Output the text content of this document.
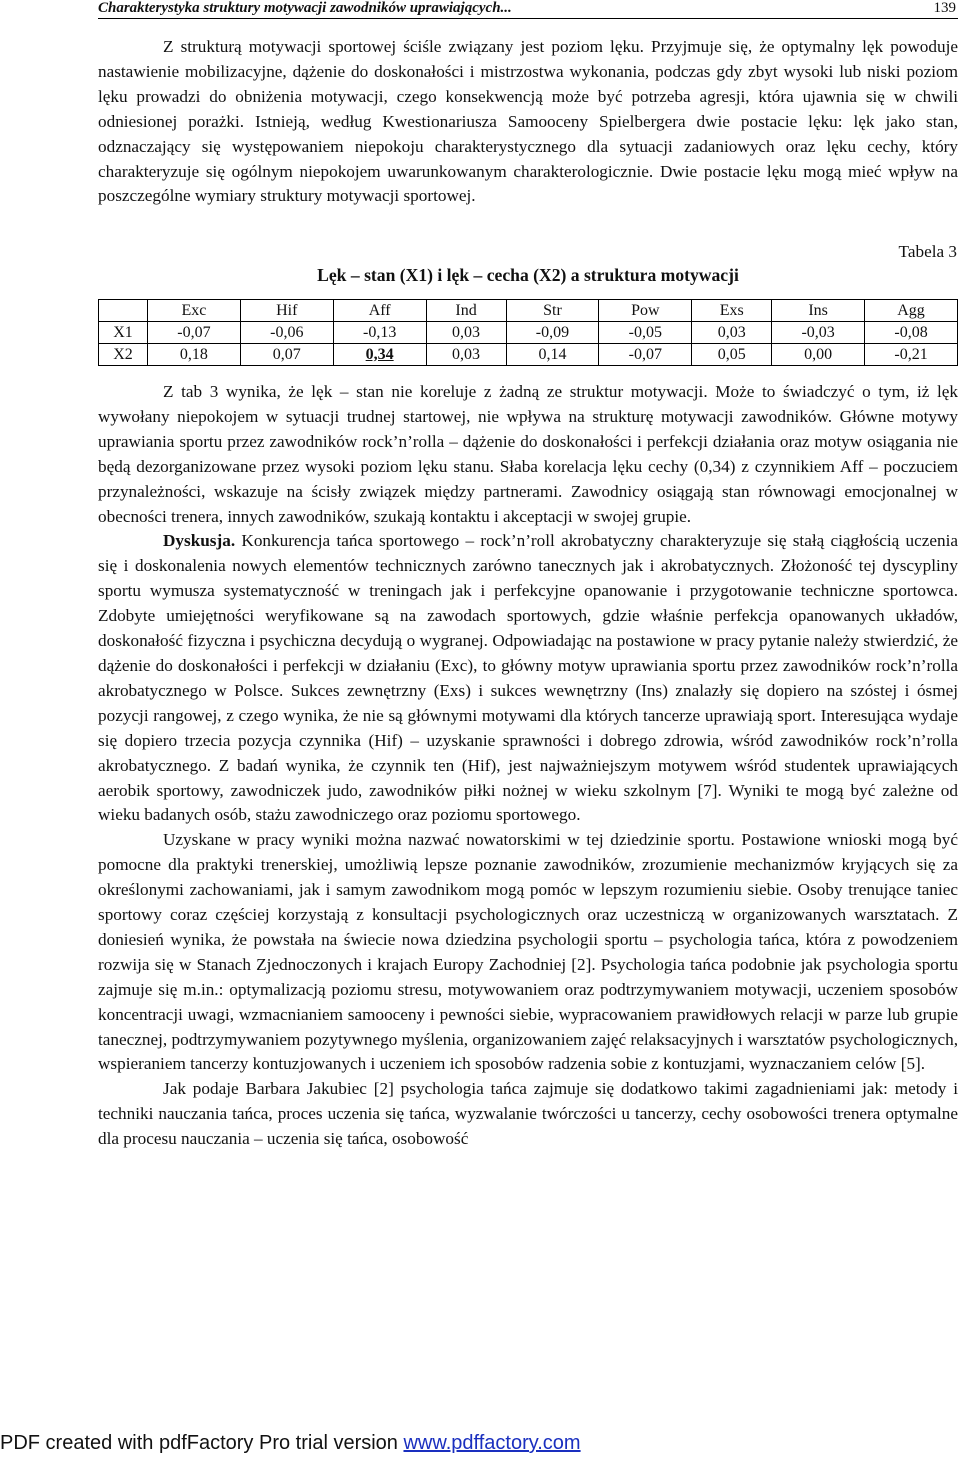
Charakterystyka struktury motywacji zawodników uprawiających...	139

Z strukturą motywacji sportowej ściśle związany jest poziom lęku. Przyjmuje się, że optymalny lęk powoduje nastawienie mobilizacyjne, dążenie do doskonałości i mistrzostwa wykonania, podczas gdy zbyt wysoki lub niski poziom lęku prowadzi do obniżenia motywacji, czego konsekwencją może być potrzeba agresji, która ujawnia się w chwili odniesionej porażki. Istnieją, według Kwestionariusza Samooceny Spielbergera dwie postacie lęku: lęk jako stan, odznaczający się występowaniem niepokoju charakterystycznego dla sytuacji zadaniowych oraz lęku cechy, który charakteryzuje się ogólnym niepokojem uwarunkowanym charakterologicznie. Dwie postacie lęku mogą mieć wpływ na poszczególne wymiary struktury motywacji sportowej.

Tabela 3
Lęk – stan (X1) i lęk – cecha (X2) a struktura motywacji
	Exc	Hif	Aff	Ind	Str	Pow	Exs	Ins	Agg
X1	-0,07	-0,06	-0,13	0,03	-0,09	-0,05	0,03	-0,03	-0,08
X2	0,18	0,07	0,34	0,03	0,14	-0,07	0,05	0,00	-0,21

Z tab 3 wynika, że lęk – stan nie koreluje z żadną ze struktur motywacji. Może to świadczyć o tym, iż lęk wywołany niepokojem w sytuacji trudnej startowej, nie wpływa na strukturę motywacji zawodników. Główne motywy uprawiania sportu przez zawodników rock’n’rolla – dążenie do doskonałości i perfekcji działania oraz motyw osiągania nie będą dezorganizowane przez wysoki poziom lęku stanu. Słaba korelacja lęku cechy (0,34) z czynnikiem Aff – poczuciem przynależności, wskazuje na ścisły związek między partnerami. Zawodnicy osiągają stan równowagi emocjonalnej w obecności trenera, innych zawodników, szukają kontaktu i akceptacji w swojej grupie.

Dyskusja. Konkurencja tańca sportowego – rock’n’roll akrobatyczny charakteryzuje się stałą ciągłością uczenia się i doskonalenia nowych elementów technicznych zarówno tanecznych jak i akrobatycznych. Złożoność tej dyscypliny sportu wymusza systematyczność w treningach jak i perfekcyjne opanowanie i przygotowanie techniczne sportowca. Zdobyte umiejętności weryfikowane są na zawodach sportowych, gdzie właśnie perfekcja opanowanych układów, doskonałość fizyczna i psychiczna decydują o wygranej. Odpowiadając na postawione w pracy pytanie należy stwierdzić, że dążenie do doskonałości i perfekcji w działaniu (Exc), to główny motyw uprawiania sportu przez zawodników rock’n’rolla akrobatycznego w Polsce. Sukces zewnętrzny (Exs) i sukces wewnętrzny (Ins) znalazły się dopiero na szóstej i ósmej pozycji rangowej, z czego wynika, że nie są głównymi motywami dla których tancerze uprawiają sport. Interesująca wydaje się dopiero trzecia pozycja czynnika (Hif) – uzyskanie sprawności i dobrego zdrowia, wśród zawodników rock’n’rolla akrobatycznego. Z badań wynika, że czynnik ten (Hif), jest najważniejszym motywem wśród studentek uprawiających aerobik sportowy, zawodniczek judo, zawodników piłki nożnej w wieku szkolnym [7]. Wyniki te mogą być zależne od wieku badanych osób, stażu zawodniczego oraz poziomu sportowego.

Uzyskane w pracy wyniki można nazwać nowatorskimi w tej dziedzinie sportu. Postawione wnioski mogą być pomocne dla praktyki trenerskiej, umożliwią lepsze poznanie zawodników, zrozumienie mechanizmów kryjących się za określonymi zachowaniami, jak i samym zawodnikom mogą pomóc w lepszym rozumieniu siebie. Osoby trenujące taniec sportowy coraz częściej korzystają z konsultacji psychologicznych oraz uczestniczą w organizowanych warsztatach. Z doniesień wynika, że powstała na świecie nowa dziedzina psychologii sportu – psychologia tańca, która z powodzeniem rozwija się w Stanach Zjednoczonych i krajach Europy Zachodniej [2]. Psychologia tańca podobnie jak psychologia sportu zajmuje się m.in.: optymalizacją poziomu stresu, motywowaniem oraz podtrzymywaniem motywacji, uczeniem sposobów koncentracji uwagi, wzmacnianiem samooceny i pewności siebie, wypracowaniem prawidłowych relacji w parze lub grupie tanecznej, podtrzymywaniem pozytywnego myślenia, organizowaniem zajęć relaksacyjnych i warsztatów psychologicznych, wspieraniem tancerzy kontuzjowanych i uczeniem ich sposobów radzenia sobie z kontuzjami, wyznaczaniem celów [5].

Jak podaje Barbara Jakubiec [2] psychologia tańca zajmuje się dodatkowo takimi zagadnieniami jak: metody i techniki nauczania tańca, proces uczenia się tańca, wyzwalanie twórczości u tancerzy, cechy osobowości trenera optymalne dla procesu nauczania – uczenia się tańca, osobowość

PDF created with pdfFactory Pro trial version www.pdffactory.com
